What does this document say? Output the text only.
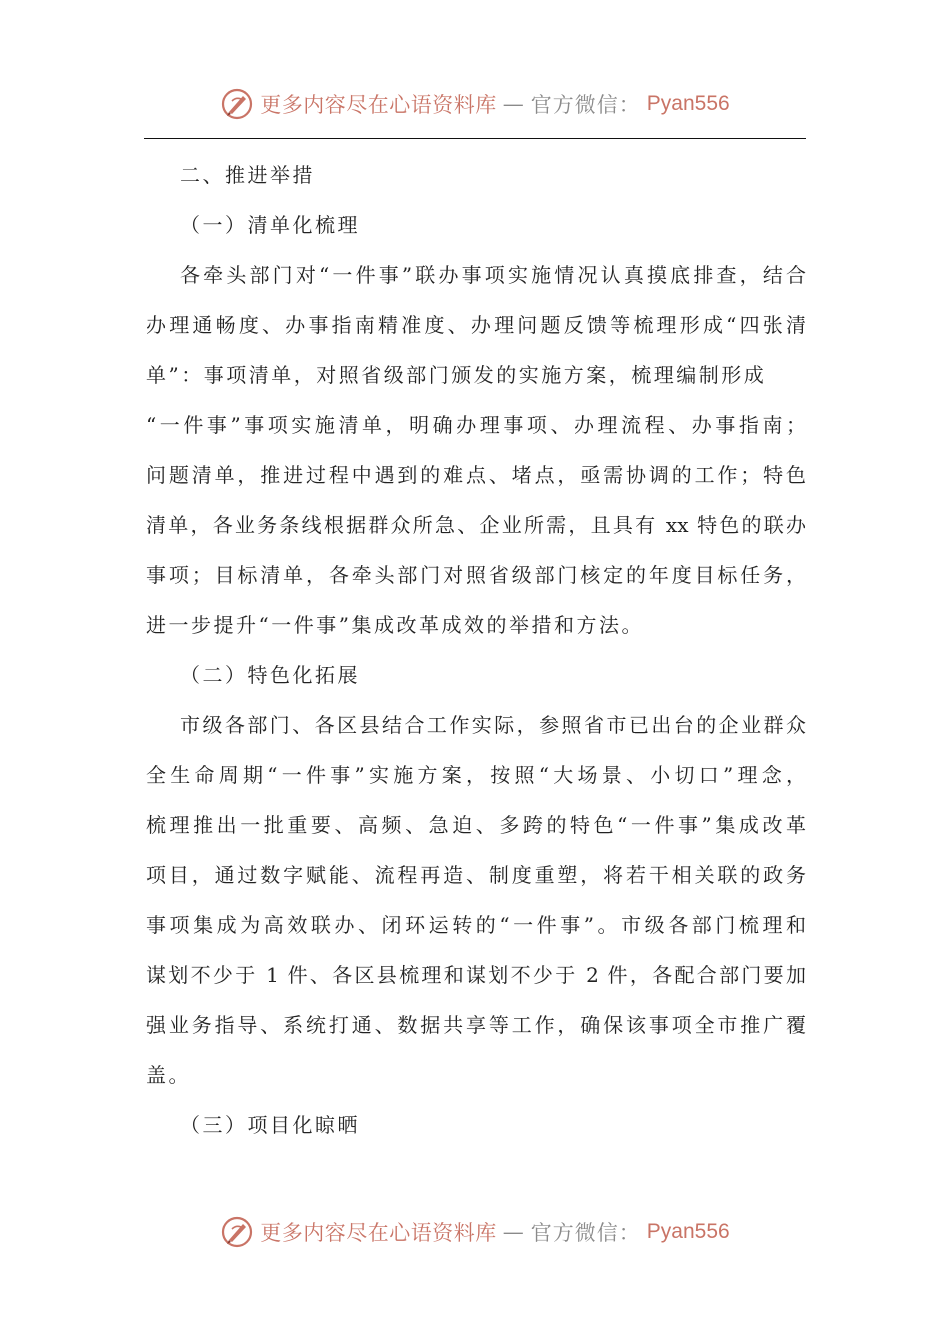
更多内容尽在心语资料库 — 官方微信： Pyan556
二、推进举措
（一）清单化梳理
各牵头部门对“一件事”联办事项实施情况认真摸底排查，结合
办理通畅度、办事指南精准度、办理问题反馈等梳理形成“四张清
单”：事项清单，对照省级部门颁发的实施方案，梳理编制形成
“一件事”事项实施清单，明确办理事项、办理流程、办事指南；
问题清单，推进过程中遇到的难点、堵点，亟需协调的工作；特色
清单，各业务条线根据群众所急、企业所需，且具有 xx 特色的联办
事项；目标清单，各牵头部门对照省级部门核定的年度目标任务，
进一步提升“一件事”集成改革成效的举措和方法。
（二）特色化拓展
市级各部门、各区县结合工作实际，参照省市已出台的企业群众
全生命周期“一件事”实施方案，按照“大场景、小切口”理念，
梳理推出一批重要、高频、急迫、多跨的特色“一件事”集成改革
项目，通过数字赋能、流程再造、制度重塑，将若干相关联的政务
事项集成为高效联办、闭环运转的“一件事”。市级各部门梳理和
谋划不少于 1 件、各区县梳理和谋划不少于 2 件，各配合部门要加
强业务指导、系统打通、数据共享等工作，确保该事项全市推广覆
盖。
（三）项目化晾晒
更多内容尽在心语资料库 — 官方微信： Pyan556
